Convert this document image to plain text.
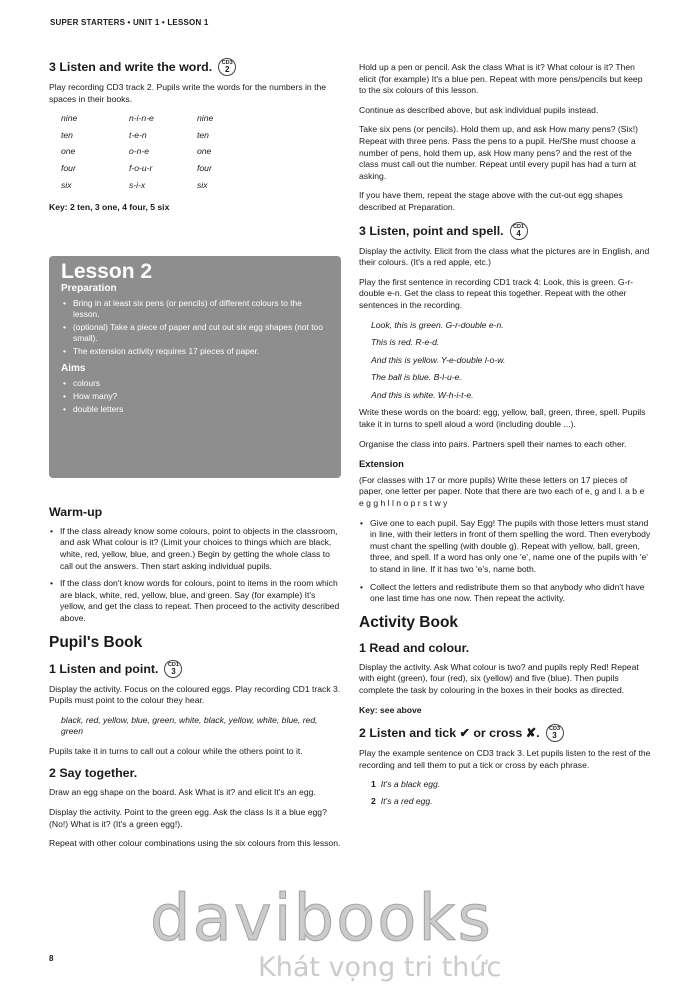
SUPER STARTERS • UNIT 1 • LESSON 1
3 Listen and write the word. CD3
2

Play recording CD3 track 2. Pupils write the words for the numbers in the spaces in their books.

nine	n-i-n-e	nine
ten	t-e-n	ten
one	o-n-e	one
four	f-o-u-r	four
six	s-i-x	six
Key: 2 ten, 3 one, 4 four, 5 six
Lesson 2
Preparation
• Bring in at least six pens (or pencils) of different colours to the lesson.
• (optional) Take a piece of paper and cut out six egg shapes (not too small).
• The extension activity requires 17 pieces of paper.
Aims
• colours
• How many?
• double letters
Warm-up
• If the class already know some colours, point to objects in the classroom, and ask What colour is it? (Limit your choices to things which are black, white, red, yellow, blue, and green.) Begin by getting the whole class to call out the answers. Then start asking individual pupils.
• If the class don't know words for colours, point to items in the room which are black, white, red, yellow, blue, and green. Say (for example) It's yellow, and get the class to repeat. Then proceed to the activity described above.
Pupil's Book
1 Listen and point. CD1
3

Display the activity. Focus on the coloured eggs. Play recording CD1 track 3. Pupils must point to the colour they hear.

black, red, yellow, blue, green, white, black, yellow, white, blue, red, green

Pupils take it in turns to call out a colour while the others point to it.

2 Say together.

Draw an egg shape on the board. Ask What is it? and elicit It's an egg.

Display the activity. Point to the green egg. Ask the class Is it a blue egg? (No!) What is it? (It's a green egg!).

Repeat with other colour combinations using the six colours from this lesson.

Hold up a pen or pencil. Ask the class What is it? What colour is it? Then elicit (for example) It's a blue pen. Repeat with more pens/pencils but keep to the six colours of this lesson.

Continue as described above, but ask individual pupils instead.

Take six pens (or pencils). Hold them up, and ask How many pens? (Six!) Repeat with three pens. Pass the pens to a pupil. He/She must choose a number of pens, hold them up, ask How many pens? and the rest of the class must call out the number. Repeat until every pupil has had a turn at asking.

If you have them, repeat the stage above with the cut-out egg shapes described at Preparation.

3 Listen, point and spell. CD1
4

Display the activity. Elicit from the class what the pictures are in English, and their colours. (It's a red apple, etc.)

Play the first sentence in recording CD1 track 4: Look, this is green. G-r-double e-n. Get the class to repeat this together. Repeat with the other sentences in the recording.

Look, this is green. G-r-double e-n.

This is red. R-e-d.

And this is yellow. Y-e-double l-o-w.

The ball is blue. B-l-u-e.

And this is white. W-h-i-t-e.

Write these words on the board: egg, yellow, ball, green, three, spell. Pupils take it in turns to spell aloud a word (including double ...).

Organise the class into pairs. Partners spell their names to each other.

Extension

(For classes with 17 or more pupils) Write these letters on 17 pieces of paper, one letter per paper. Note that there are two each of e, g and l. a b e e g g h l l n o p r s t w y

• Give one to each pupil. Say Egg! The pupils with those letters must stand in line, with their letters in front of them spelling the word. Then everybody must chant the spelling (with double g). Repeat with yellow, ball, green, three, and spell. If a word has only one 'e', name one of the pupils with 'e' to stand in line. If it has two 'e's, name both.
• Collect the letters and redistribute them so that anybody who didn't have one last time has one now. Then repeat the activity.
Activity Book
1 Read and colour.

Display the activity. Ask What colour is two? and pupils reply Red! Repeat with eight (green), four (red), six (yellow) and five (blue). Then pupils complete the task by colouring in the boxes in their books as directed.

Key: see above
2 Listen and tick ✔ or cross ✘. CD3
3

Play the example sentence on CD3 track 3. Let pupils listen to the rest of the recording and tell them to put a tick or cross by each phrase.

1 It's a black egg.
2 It's a red egg.
8
davibooks
Khát vọng tri thức
